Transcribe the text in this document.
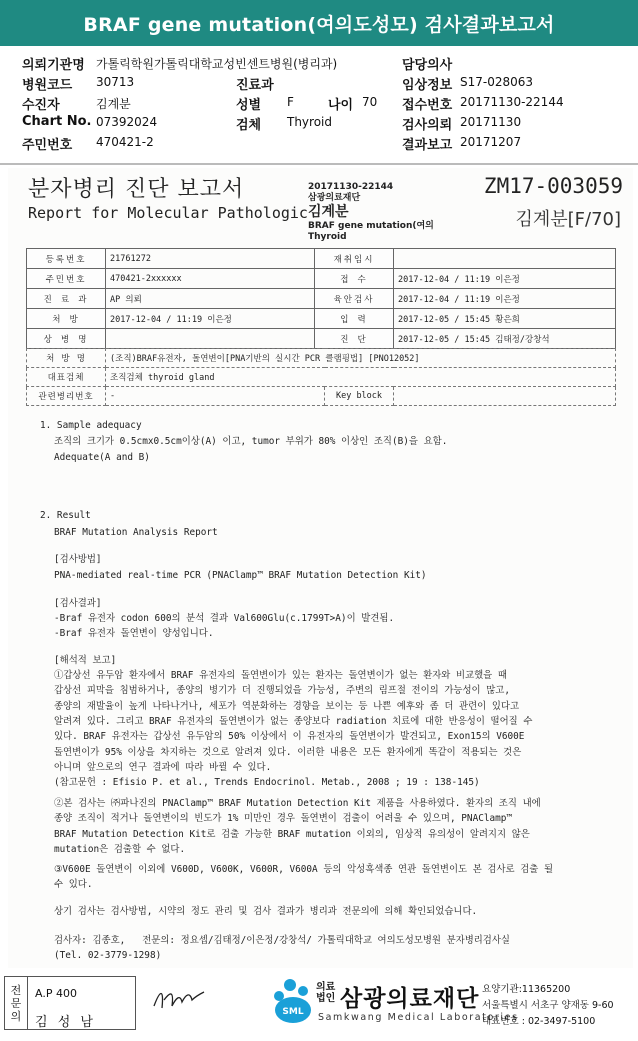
BRAF gene mutation(여의도성모) 검사결과보고서
의뢰기관명 가톨릭학원가톨릭대학교성빈센트병원(병리과)	담당의사
병원코드 30713	진료과	임상정보 S17-028063
수진자	김계분	성별 F	나이 70 접수번호 20171130-22144
Chart No. 07392024	검체 Thyroid	검사의뢰 20171130
주민번호 470421-2	결과보고 20171207
분자병리 진단 보고서
Report for Molecular Pathologic
20171130-22144
삼광의료재단
김계분
BRAF gene mutation(여의
Thyroid
ZM17-003059
김계분[F/70]
등록번호	21761272	재취임시	
주민번호	470421-2xxxxxx	접 수	2017-12-04 / 11:19 이은정
진 료 과	AP 의뢰	육안검사	2017-12-04 / 11:19 이은정
처 방	2017-12-04 / 11:19 이은정	입 력	2017-12-05 / 15:45 황은희
상 병 명		진 단	2017-12-05 / 15:45 김태정/강창석
처 방 명	(조직)BRAF유전자, 돌연변이[PNA기반의 실시간 PCR 클램핑법] [PNO12052]		
대표검체	조직검체 thyroid gland		
관련병리번호	-	Key block	
1. Sample adequacy
조직의 크기가 0.5cmx0.5cm이상(A) 이고, tumor 부위가 80% 이상인 조직(B)을 요함.
Adequate(A and B)
2. Result
BRAF Mutation Analysis Report
[검사방법]
PNA-mediated real-time PCR (PNAClamp™ BRAF Mutation Detection Kit)
[검사결과]
-Braf 유전자 codon 600의 분석 결과 Val600Glu(c.1799T>A)이 발견됨.
-Braf 유전자 돌연변이 양성입니다.
[해석적 보고]
①갑상선 유두암 환자에서 BRAF 유전자의 돌연변이가 있는 환자는 돌연변이가 없는 환자와 비교했을 때
갑상선 피막을 침범하거나, 종양의 병기가 더 진행되었을 가능성, 주변의 림프절 전이의 가능성이 많고,
종양의 재발율이 높게 나타나거나, 세포가 역분화하는 경향을 보이는 등 나쁜 예후와 좀 더 관련이 있다고
알려져 있다. 그리고 BRAF 유전자의 돌연변이가 없는 종양보다 radiation 치료에 대한 반응성이 떨어질 수
있다. BRAF 유전자는 갑상선 유두암의 50% 이상에서 이 유전자의 돌연변이가 발견되고, Exon15의 V600E
돌연변이가 95% 이상을 차지하는 것으로 알려져 있다. 이러한 내용은 모든 환자에게 똑같이 적용되는 것은
아니며 앞으로의 연구 결과에 따라 바뀔 수 있다.
(참고문헌 : Efisio P. et al., Trends Endocrinol. Metab., 2008 ; 19 : 138-145)
②본 검사는 ㈜파나진의 PNAClamp™ BRAF Mutation Detection Kit 제품을 사용하였다. 환자의 조직 내에
종양 조직이 적거나 돌연변이의 빈도가 1% 미만인 경우 돌연변이 검출이 어려울 수 있으며, PNAClamp™
BRAF Mutation Detection Kit로 검출 가능한 BRAF mutation 이외의, 임상적 유의성이 알려지지 않은
mutation은 검출할 수 없다.
③V600E 돌연변이 이외에 V600D, V600K, V600R, V600A 등의 악성흑색종 연관 돌연변이도 본 검사로 검출 될
수 있다.
상기 검사는 검사방법, 시약의 정도 관리 및 검사 결과가 병리과 전문의에 의해 확인되었습니다.
검사자: 김종호,   전문의: 정요셉/김태정/이은정/강창석/ 가톨릭대학교 여의도성모병원 분자병리검사실
(Tel. 02-3779-1298)
전
문
의
A.P 400
김 성 남
SML
의료
법인 삼광의료재단
Samkwang Medical Laboratories
요양기관:11365200
서울특별시 서초구 양재동 9-60
대표번호 : 02-3497-5100
